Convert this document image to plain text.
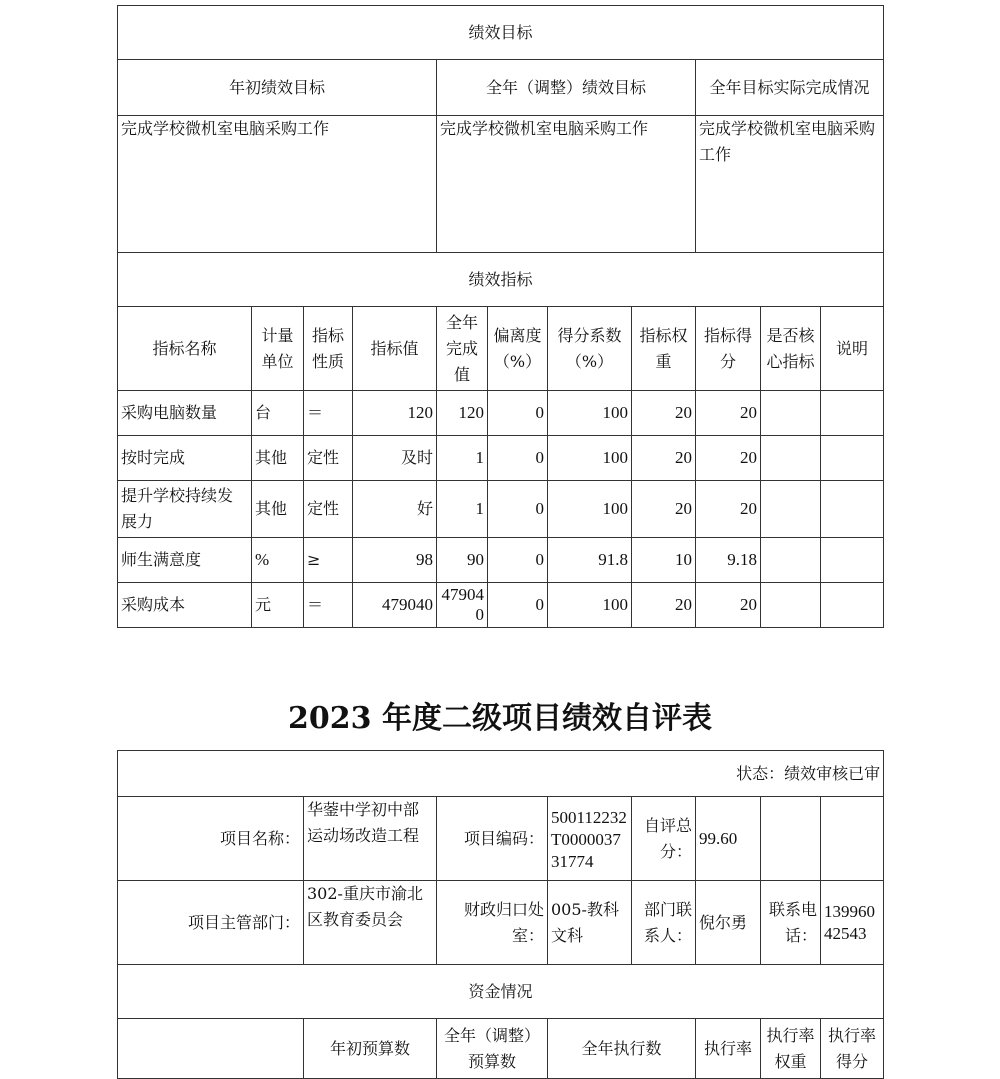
绩效目标										
年初绩效目标				全年（调整）绩效目标				全年目标实际完成情况		
完成学校微机室电脑采购工作				完成学校微机室电脑采购工作				完成学校微机室电脑采购工作		
绩效指标										
指标名称	计量单位	指标性质	指标值	全年完成值	偏离度（%）	得分系数（%）	指标权重	指标得分	是否核心指标	说明
采购电脑数量	台	＝	120	120	0	100	20	20		
按时完成	其他	定性	及时	1	0	100	20	20		
提升学校持续发展力	其他	定性	好	1	0	100	20	20		
师生满意度	%	≥	98	90	0	91.8	10	9.18		
采购成本	元	＝	479040	479040	0	100	20	20		
2023 年度二级项目绩效自评表
状态：绩效审核已审							
项目名称：	华蓥中学初中部运动场改造工程	项目编码：	500112232T000003731774	自评总分：	99.60		
项目主管部门：	302-重庆市渝北区教育委员会	财政归口处室：	005-教科文科	部门联系人：	倪尔勇	联系电话：	13996042543
资金情况							
	年初预算数	全年（调整）预算数	全年执行数		执行率	执行率权重	执行率得分
